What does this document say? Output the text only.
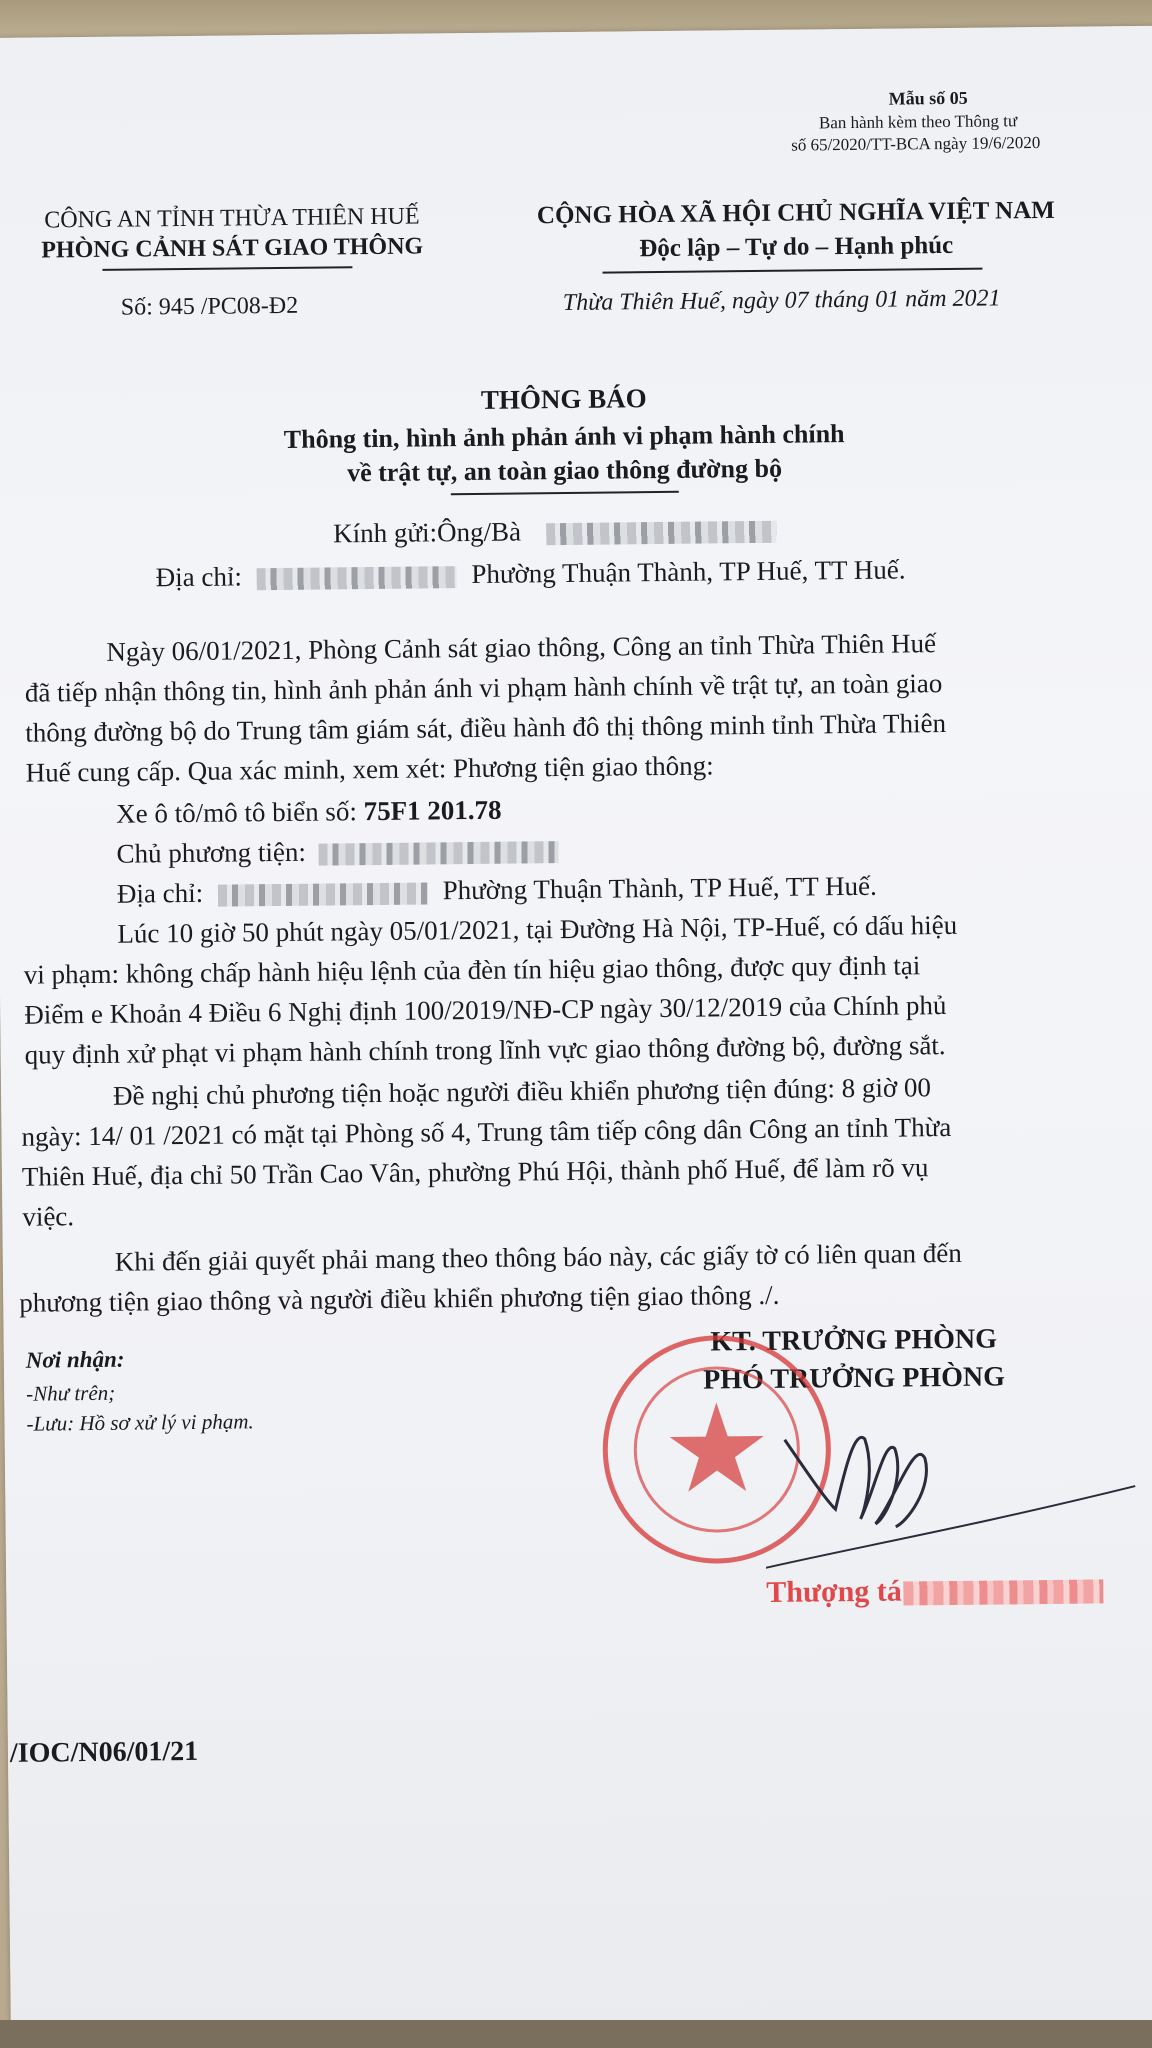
Mẫu số 05
Ban hành kèm theo Thông tư
số 65/2020/TT-BCA ngày 19/6/2020
CÔNG AN TỈNH THỪA THIÊN HUẾ
PHÒNG CẢNH SÁT GIAO THÔNG
Số: 945 /PC08-Đ2
CỘNG HÒA XÃ HỘI CHỦ NGHĨA VIỆT NAM
Độc lập – Tự do – Hạnh phúc
Thừa Thiên Huế, ngày 07 tháng 01 năm 2021
THÔNG BÁO
Thông tin, hình ảnh phản ánh vi phạm hành chính
về trật tự, an toàn giao thông đường bộ
Kính gửi:Ông/Bà
Địa chỉ:	Phường Thuận Thành, TP Huế, TT Huế.
Ngày 06/01/2021, Phòng Cảnh sát giao thông, Công an tỉnh Thừa Thiên Huế
đã tiếp nhận thông tin, hình ảnh phản ánh vi phạm hành chính về trật tự, an toàn giao
thông đường bộ do Trung tâm giám sát, điều hành đô thị thông minh tỉnh Thừa Thiên
Huế cung cấp. Qua xác minh, xem xét: Phương tiện giao thông:
Xe ô tô/mô tô biển số: 75F1 201.78
Chủ phương tiện:
Địa chỉ:	Phường Thuận Thành, TP Huế, TT Huế.
Lúc 10 giờ 50 phút ngày 05/01/2021, tại Đường Hà Nội, TP-Huế, có dấu hiệu
vi phạm: không chấp hành hiệu lệnh của đèn tín hiệu giao thông, được quy định tại
Điểm e Khoản 4 Điều 6 Nghị định 100/2019/NĐ-CP ngày 30/12/2019 của Chính phủ
quy định xử phạt vi phạm hành chính trong lĩnh vực giao thông đường bộ, đường sắt.
Đề nghị chủ phương tiện hoặc người điều khiển phương tiện đúng: 8 giờ 00
ngày: 14/ 01 /2021 có mặt tại Phòng số 4, Trung tâm tiếp công dân Công an tỉnh Thừa
Thiên Huế, địa chỉ 50 Trần Cao Vân, phường Phú Hội, thành phố Huế, để làm rõ vụ
việc.
Khi đến giải quyết phải mang theo thông báo này, các giấy tờ có liên quan đến
phương tiện giao thông và người điều khiển phương tiện giao thông ./.
Nơi nhận:
-Như trên;
-Lưu: Hồ sơ xử lý vi phạm.
KT. TRƯỞNG PHÒNG
PHÓ TRƯỞNG PHÒNG
Thượng tá
/IOC/N06/01/21
